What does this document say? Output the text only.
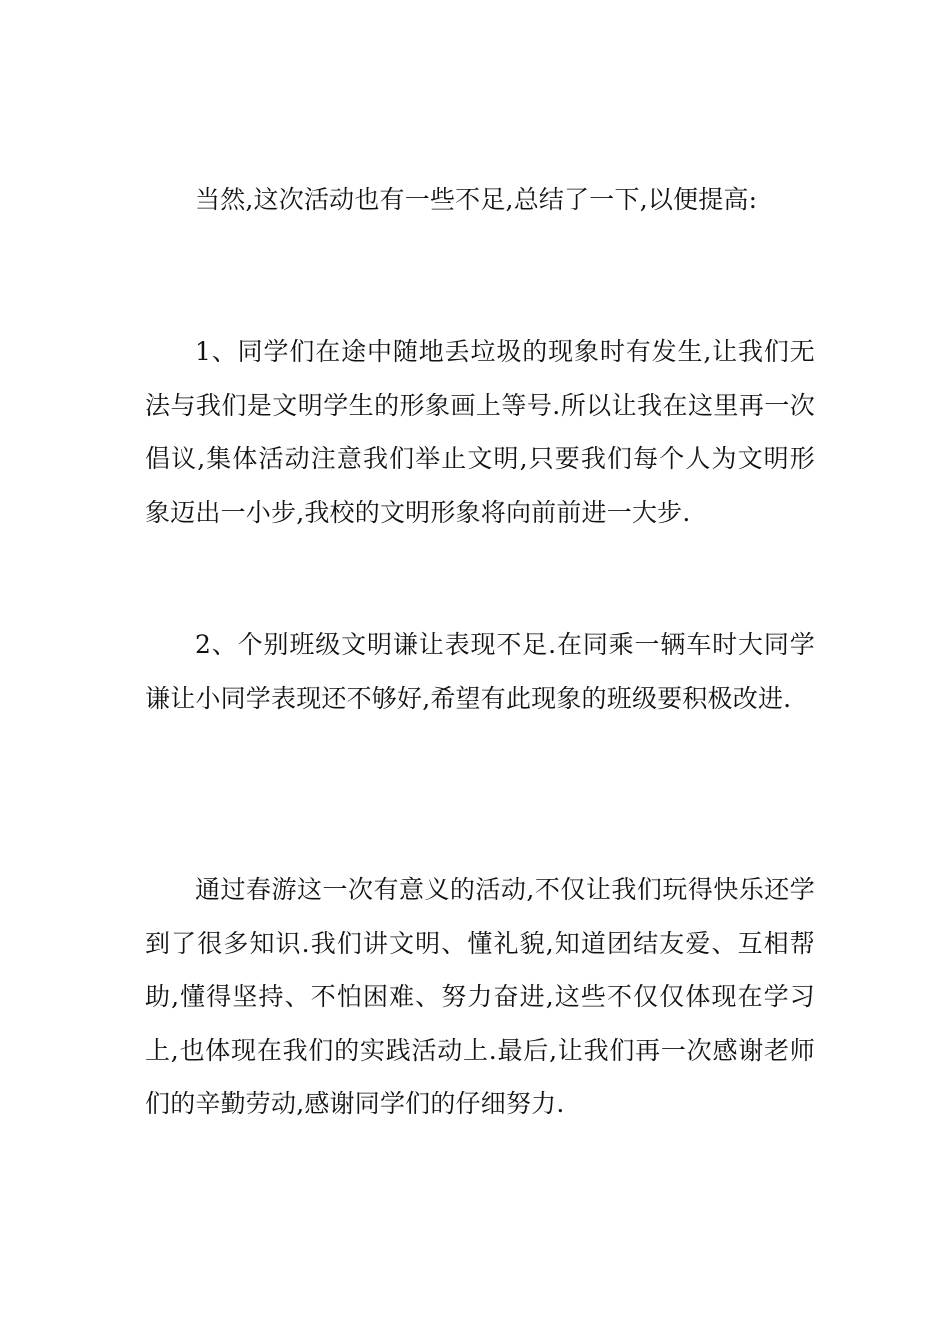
当然,这次活动也有一些不足,总结了一下,以便提高:

1、同学们在途中随地丢垃圾的现象时有发生,让我们无法与我们是文明学生的形象画上等号.所以让我在这里再一次倡议,集体活动注意我们举止文明,只要我们每个人为文明形象迈出一小步,我校的文明形象将向前前进一大步.

2、个别班级文明谦让表现不足.在同乘一辆车时大同学谦让小同学表现还不够好,希望有此现象的班级要积极改进.

通过春游这一次有意义的活动,不仅让我们玩得快乐还学到了很多知识.我们讲文明、懂礼貌,知道团结友爱、互相帮助,懂得坚持、不怕困难、努力奋进,这些不仅仅体现在学习上,也体现在我们的实践活动上.最后,让我们再一次感谢老师们的辛勤劳动,感谢同学们的仔细努力.
